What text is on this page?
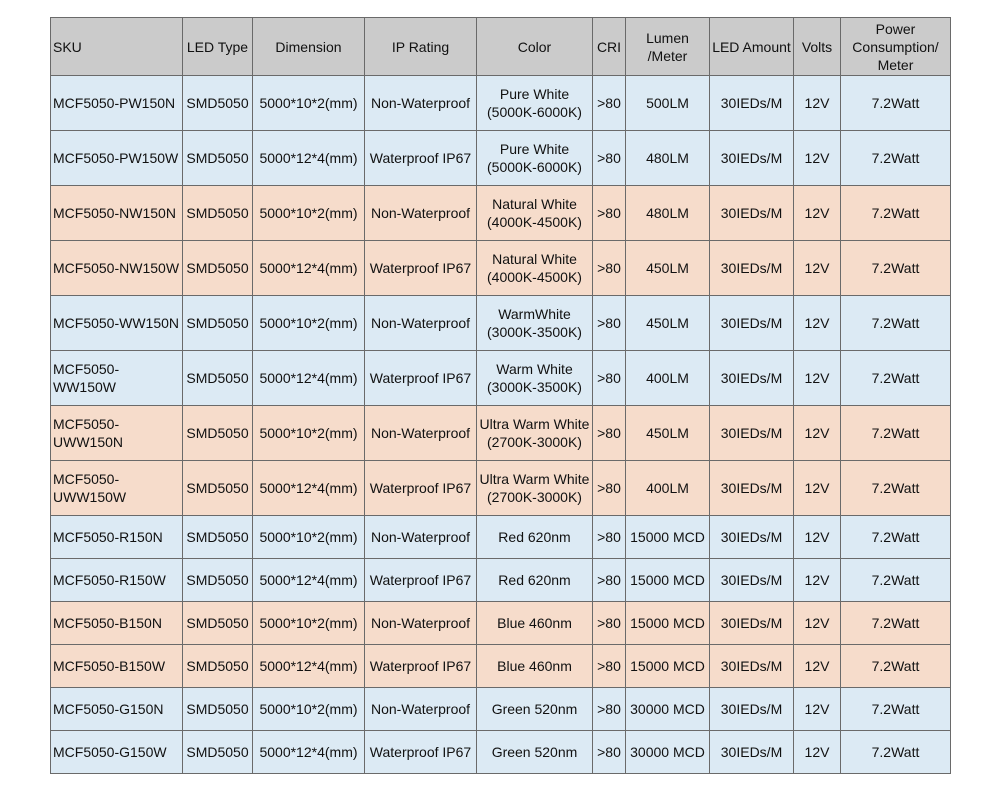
SKU	LED Type	Dimension	IP Rating	Color	CRI	Lumen /Meter	LED Amount	Volts	Power Consumption/ Meter
MCF5050-PW150N	SMD5050	5000*10*2(mm)	Non-Waterproof	Pure White (5000K-6000K)	>80	500LM	30IEDs/M	12V	7.2Watt
MCF5050-PW150W	SMD5050	5000*12*4(mm)	Waterproof IP67	Pure White (5000K-6000K)	>80	480LM	30IEDs/M	12V	7.2Watt
MCF5050-NW150N	SMD5050	5000*10*2(mm)	Non-Waterproof	Natural White (4000K-4500K)	>80	480LM	30IEDs/M	12V	7.2Watt
MCF5050-NW150W	SMD5050	5000*12*4(mm)	Waterproof IP67	Natural White (4000K-4500K)	>80	450LM	30IEDs/M	12V	7.2Watt
MCF5050-WW150N	SMD5050	5000*10*2(mm)	Non-Waterproof	WarmWhite (3000K-3500K)	>80	450LM	30IEDs/M	12V	7.2Watt
MCF5050-WW150W	SMD5050	5000*12*4(mm)	Waterproof IP67	Warm White (3000K-3500K)	>80	400LM	30IEDs/M	12V	7.2Watt
MCF5050-UWW150N	SMD5050	5000*10*2(mm)	Non-Waterproof	Ultra Warm White (2700K-3000K)	>80	450LM	30IEDs/M	12V	7.2Watt
MCF5050-UWW150W	SMD5050	5000*12*4(mm)	Waterproof IP67	Ultra Warm White (2700K-3000K)	>80	400LM	30IEDs/M	12V	7.2Watt
MCF5050-R150N	SMD5050	5000*10*2(mm)	Non-Waterproof	Red 620nm	>80	15000 MCD	30IEDs/M	12V	7.2Watt
MCF5050-R150W	SMD5050	5000*12*4(mm)	Waterproof IP67	Red 620nm	>80	15000 MCD	30IEDs/M	12V	7.2Watt
MCF5050-B150N	SMD5050	5000*10*2(mm)	Non-Waterproof	Blue 460nm	>80	15000 MCD	30IEDs/M	12V	7.2Watt
MCF5050-B150W	SMD5050	5000*12*4(mm)	Waterproof IP67	Blue 460nm	>80	15000 MCD	30IEDs/M	12V	7.2Watt
MCF5050-G150N	SMD5050	5000*10*2(mm)	Non-Waterproof	Green 520nm	>80	30000 MCD	30IEDs/M	12V	7.2Watt
MCF5050-G150W	SMD5050	5000*12*4(mm)	Waterproof IP67	Green 520nm	>80	30000 MCD	30IEDs/M	12V	7.2Watt
